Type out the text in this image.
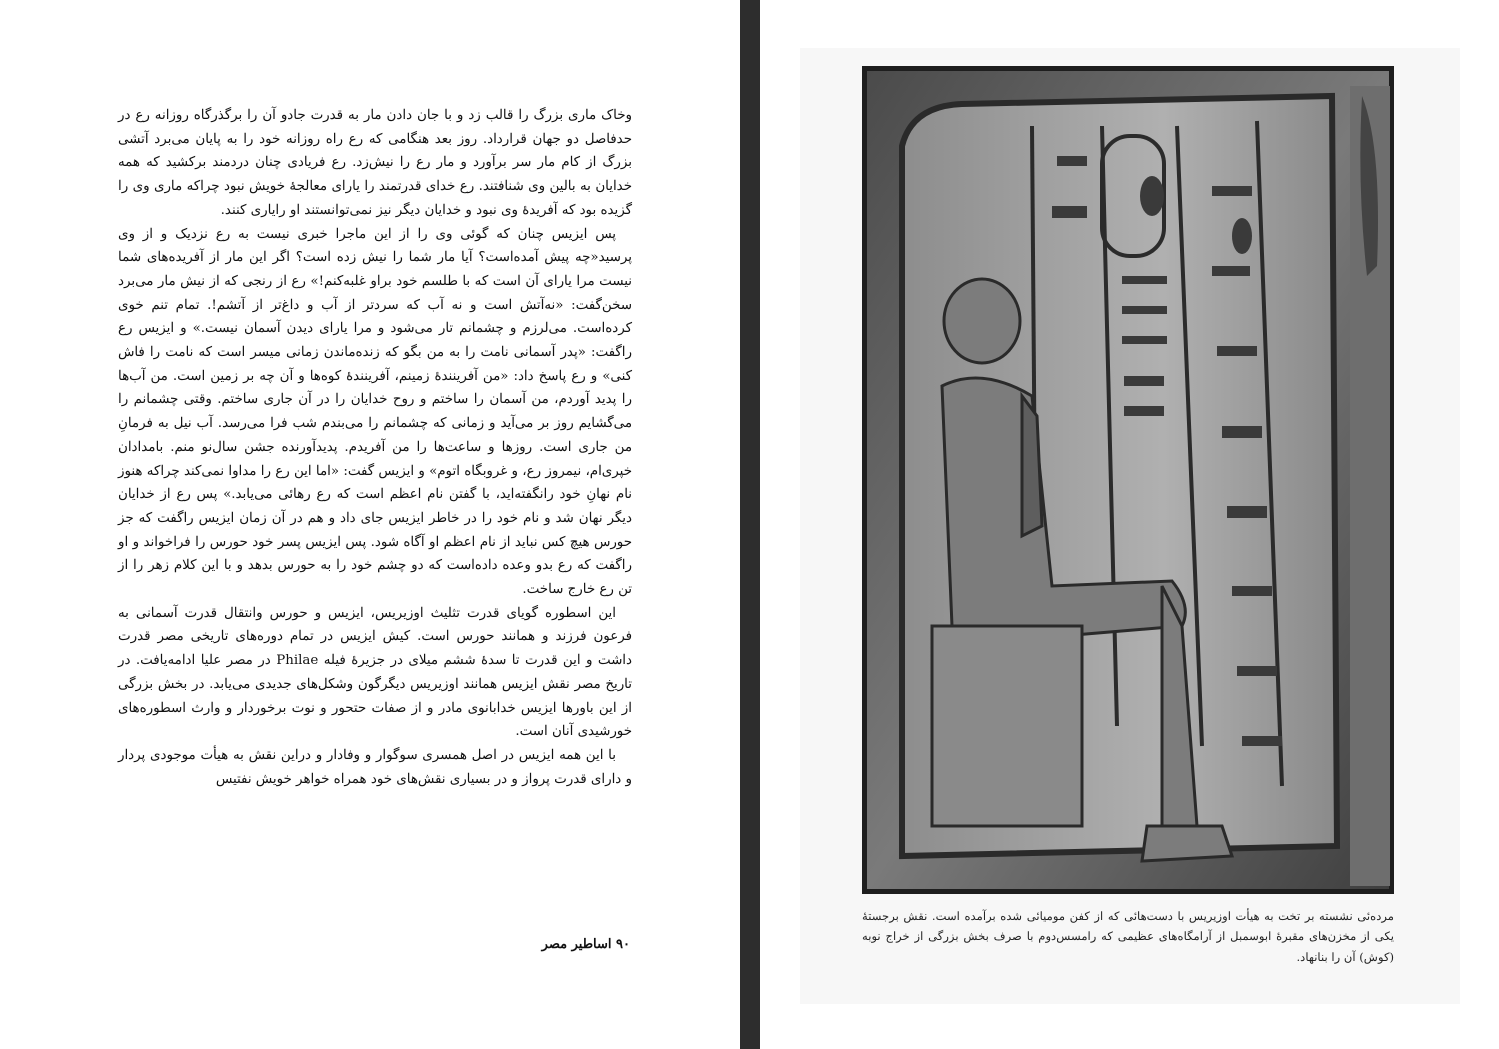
وخاک ماری بزرگ را قالب زد و با جان دادن مار به قدرت جادو آن را برگذرگاه روزانه رع در حدفاصل دو جهان قرارداد. روز بعد هنگامی که رع راه روزانه خود را به پایان می‌برد آتشی بزرگ از کام مار سر برآورد و مار رع را نیش‌زد. رع فریادی چنان دردمند برکشید که همه خدایان به بالین وی شنافتند. رع خدای قدرتمند را یارای معالجهٔ خویش نبود چراکه ماری وی را گزیده بود که آفریدهٔ وی نبود و خدایان دیگر نیز نمی‌توانستند او رایاری کنند.

پس ایزیس چنان که گوئی وی را از این ماجرا خبری نیست به رع نزدیک و از وی پرسید«چه پیش آمده‌است؟ آیا مار شما را نیش زده است؟ اگر این مار از آفریده‌های شما نیست مرا یارای آن است که با طلسم خود براو غلبه‌کنم!» رع از رنجی که از نیش مار می‌برد سخن‌گفت: «نه‌آتش است و نه آب که سردتر از آب و داغ‌تر از آتشم!. تمام تنم خوی کرده‌است. می‌لرزم و چشمانم تار می‌شود و مرا یارای دیدن آسمان نیست.» و ایزیس رع را‌گفت: «پدر آسمانی نامت را به من بگو که زنده‌ماندن زمانی میسر است که نامت را فاش کنی» و رع پاسخ داد: «من آفرینندهٔ زمینم، آفرینندهٔ کوه‌ها و آن چه بر زمین است. من آب‌ها را پدید آوردم، من آسمان را ساختم و روح خدایان را در آن جاری ساختم. وقتی چشمانم را می‌گشایم روز بر می‌آید و زمانی که چشمانم را می‌بندم شب فرا می‌رسد. آب نیل به فرمانِ من جاری است. روزها و ساعت‌ها را من آفریدم. پدیدآورنده جشن سال‌نو منم. بامدادان خپری‌ام، نیمروز رع، و غروبگاه اتوم» و ایزیس گفت: «اما این رع را مداوا نمی‌کند چراکه هنوز نام نهانِ خود رانگفته‌اید، با گفتن نام اعظم است که رع رهائی می‌یابد.» پس رع از خدایان دیگر نهان شد و نام خود را در خاطر ایزیس جای داد و هم در آن زمان ایزیس راگفت که جز حورس هیچ کس نباید از نام اعظم او آگاه شود. پس ایزیس پسر خود حورس را فراخواند و او راگفت که رع بدو وعده داده‌است که دو چشم خود را به حورس بدهد و با این کلام زهر را از تن رع خارج ساخت.

این اسطوره گویای قدرت تثلیث اوزیریس، ایزیس و حورس وانتقال قدرت آسمانی به فرعون فرزند و همانند حورس است. کیش ایزیس در تمام دوره‌های تاریخی مصر قدرت داشت و این قدرت تا سدهٔ ششم میلای در جزیرهٔ فیله Philae در مصر علیا ادامه‌یافت. در تاریخ مصر نقش ایزیس همانند اوزیریس دیگرگون وشکل‌های جدیدی می‌یابد. در بخش بزرگی از این باورها ایزیس خدابانوی مادر و از صفات حتحور و نوت برخوردار و وارث اسطوره‌های خورشیدی آنان است.

با این همه ایزیس در اصل همسری سوگوار و وفادار و دراین نقش به هیأت موجودی پردار و دارای قدرت پرواز و در بسیاری نقش‌های خود همراه خواهر خویش نفتیس

۹۰ اساطیر مصر

مرده‌ئی نشسته بر تخت به هیأت اوزیریس با دست‌هائی که از کفن مومیائی شده برآمده است. نقش برجستهٔ یکی از مخزن‌های مقبرهٔ ابوسمبل از آرامگاه‌های عظیمی که رامسس‌دوم با صرف بخش بزرگی از خراج نوبه (کوش) آن را بنانهاد.
